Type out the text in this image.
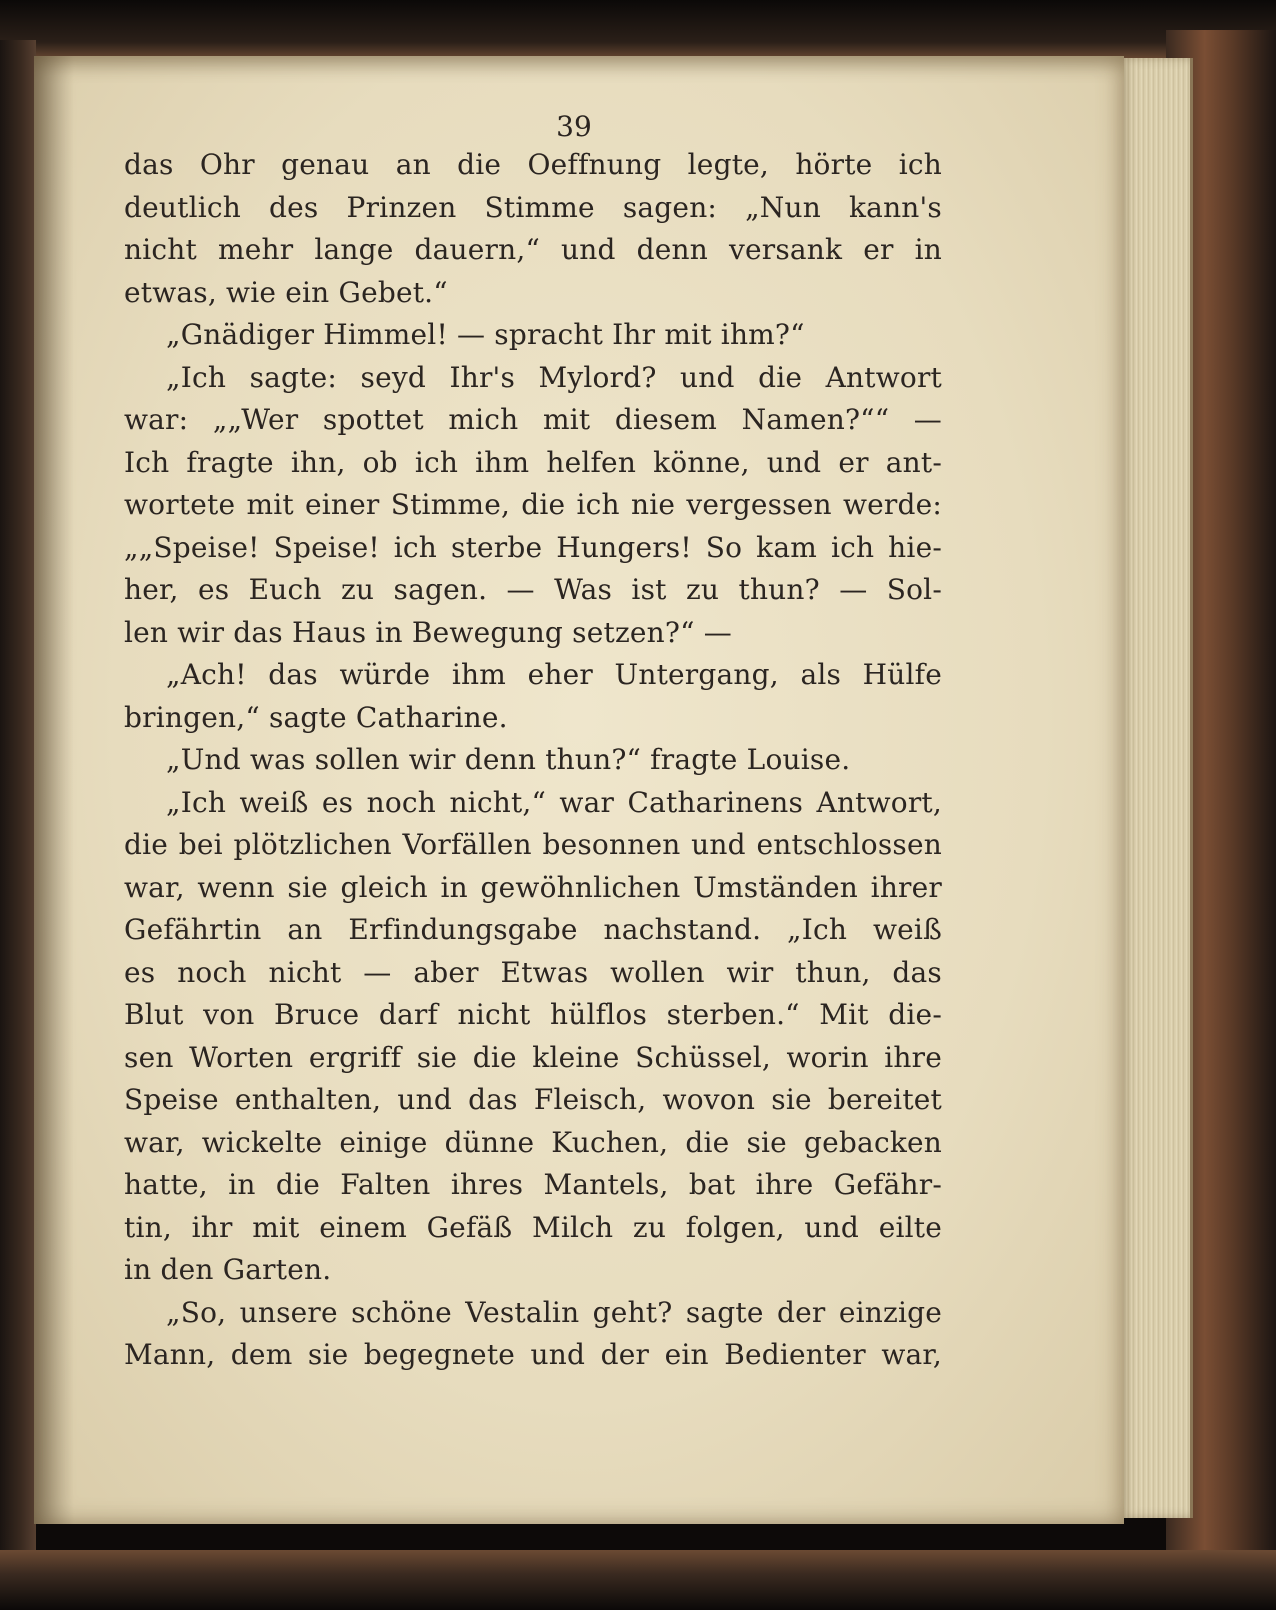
39
das Ohr genau an die Oeffnung legte, hörte ich
deutlich des Prinzen Stimme sagen: „Nun kann's
nicht mehr lange dauern,“ und denn versank er in
etwas, wie ein Gebet.“
„Gnädiger Himmel! — spracht Ihr mit ihm?“
„Ich sagte: seyd Ihr's Mylord? und die Antwort
war: „„Wer spottet mich mit diesem Namen?““ —
Ich fragte ihn, ob ich ihm helfen könne, und er ant-
wortete mit einer Stimme, die ich nie vergessen werde:
„„Speise! Speise! ich sterbe Hungers! So kam ich hie-
her, es Euch zu sagen. — Was ist zu thun? — Sol-
len wir das Haus in Bewegung setzen?“ —
„Ach! das würde ihm eher Untergang, als Hülfe
bringen,“ sagte Catharine.
„Und was sollen wir denn thun?“ fragte Louise.
„Ich weiß es noch nicht,“ war Catharinens Antwort,
die bei plötzlichen Vorfällen besonnen und entschlossen
war, wenn sie gleich in gewöhnlichen Umständen ihrer
Gefährtin an Erfindungsgabe nachstand. „Ich weiß
es noch nicht — aber Etwas wollen wir thun, das
Blut von Bruce darf nicht hülflos sterben.“ Mit die-
sen Worten ergriff sie die kleine Schüssel, worin ihre
Speise enthalten, und das Fleisch, wovon sie bereitet
war, wickelte einige dünne Kuchen, die sie gebacken
hatte, in die Falten ihres Mantels, bat ihre Gefähr-
tin, ihr mit einem Gefäß Milch zu folgen, und eilte
in den Garten.
„So, unsere schöne Vestalin geht? sagte der einzige
Mann, dem sie begegnete und der ein Bedienter war,
